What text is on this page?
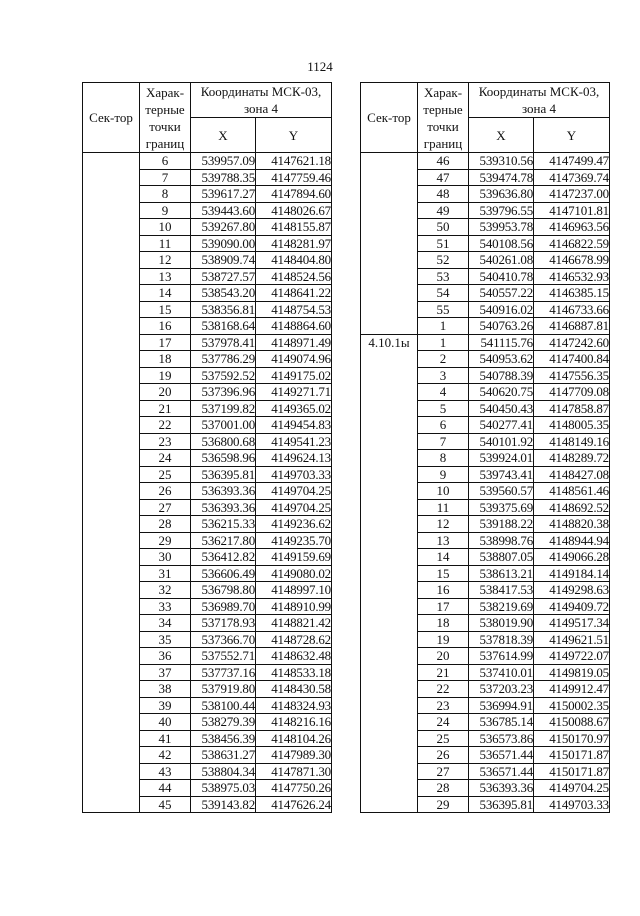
1124
Сек-тор	Харак-терные точки границ	Координаты МСК-03, зона 4	
		X	Y
	6	539957.09	4147621.18
	7	539788.35	4147759.46
	8	539617.27	4147894.60
	9	539443.60	4148026.67
	10	539267.80	4148155.87
	11	539090.00	4148281.97
	12	538909.74	4148404.80
	13	538727.57	4148524.56
	14	538543.20	4148641.22
	15	538356.81	4148754.53
	16	538168.64	4148864.60
	17	537978.41	4148971.49
	18	537786.29	4149074.96
	19	537592.52	4149175.02
	20	537396.96	4149271.71
	21	537199.82	4149365.02
	22	537001.00	4149454.83
	23	536800.68	4149541.23
	24	536598.96	4149624.13
	25	536395.81	4149703.33
	26	536393.36	4149704.25
	27	536393.36	4149704.25
	28	536215.33	4149236.62
	29	536217.80	4149235.70
	30	536412.82	4149159.69
	31	536606.49	4149080.02
	32	536798.80	4148997.10
	33	536989.70	4148910.99
	34	537178.93	4148821.42
	35	537366.70	4148728.62
	36	537552.71	4148632.48
	37	537737.16	4148533.18
	38	537919.80	4148430.58
	39	538100.44	4148324.93
	40	538279.39	4148216.16
	41	538456.39	4148104.26
	42	538631.27	4147989.30
	43	538804.34	4147871.30
	44	538975.03	4147750.26
	45	539143.82	4147626.24
Сек-тор	Харак-терные точки границ	Координаты МСК-03, зона 4	
		X	Y
	46	539310.56	4147499.47
	47	539474.78	4147369.74
	48	539636.80	4147237.00
	49	539796.55	4147101.81
	50	539953.78	4146963.56
	51	540108.56	4146822.59
	52	540261.08	4146678.99
	53	540410.78	4146532.93
	54	540557.22	4146385.15
	55	540916.02	4146733.66
	1	540763.26	4146887.81
4.10.1ы	1	541115.76	4147242.60
	2	540953.62	4147400.84
	3	540788.39	4147556.35
	4	540620.75	4147709.08
	5	540450.43	4147858.87
	6	540277.41	4148005.35
	7	540101.92	4148149.16
	8	539924.01	4148289.72
	9	539743.41	4148427.08
	10	539560.57	4148561.46
	11	539375.69	4148692.52
	12	539188.22	4148820.38
	13	538998.76	4148944.94
	14	538807.05	4149066.28
	15	538613.21	4149184.14
	16	538417.53	4149298.63
	17	538219.69	4149409.72
	18	538019.90	4149517.34
	19	537818.39	4149621.51
	20	537614.99	4149722.07
	21	537410.01	4149819.05
	22	537203.23	4149912.47
	23	536994.91	4150002.35
	24	536785.14	4150088.67
	25	536573.86	4150170.97
	26	536571.44	4150171.87
	27	536571.44	4150171.87
	28	536393.36	4149704.25
	29	536395.81	4149703.33
